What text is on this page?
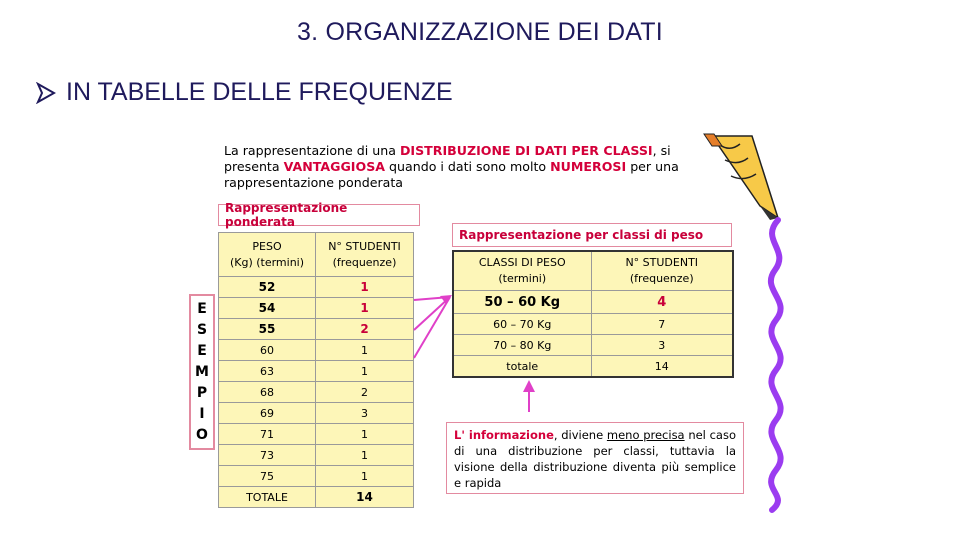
3. ORGANIZZAZIONE DEI DATI
IN TABELLE DELLE FREQUENZE
La rappresentazione di una DISTRIBUZIONE DI DATI PER CLASSI, si presenta VANTAGGIOSA quando i dati sono molto NUMEROSI per una rappresentazione ponderata
Rappresentazione ponderata
PESO
(Kg) (termini)	N° STUDENTI
(frequenze)
52	1
54	1
55	2
60	1
63	1
68	2
69	3
71	1
73	1
75	1
TOTALE	14
E
S
E
M
P
I
O
Rappresentazione per classi di peso
CLASSI DI PESO
(termini)	N° STUDENTI
(frequenze)
50 – 60 Kg	4
60 – 70 Kg	7
70 – 80 Kg	3
totale	14
L' informazione, diviene meno precisa nel caso di una distribuzione per classi, tuttavia la visione della distribuzione diventa più semplice e rapida
